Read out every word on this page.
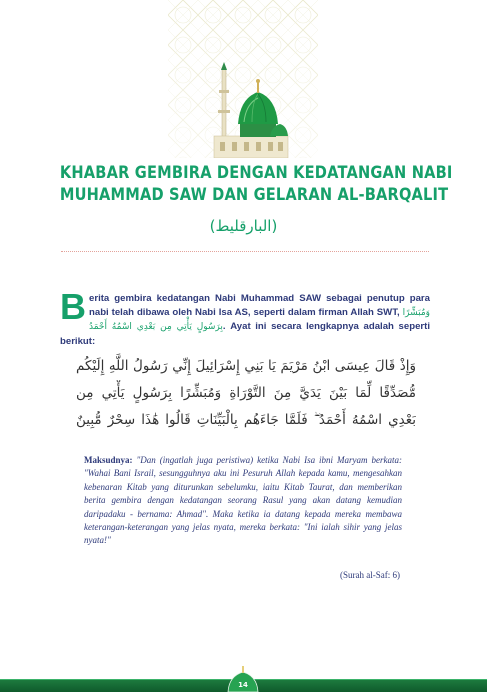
KHABAR GEMBIRA DENGAN KEDATANGAN NABI
MUHAMMAD SAW DAN GELARAN AL-BARQALIT
(البارقليط)
Berita gembira kedatangan Nabi Muhammad SAW sebagai penutup para nabi telah dibawa oleh Nabi Isa AS, seperti dalam firman Allah SWT, وَمُبَشِّرًا بِرَسُولٍ يَأْتِي مِن بَعْدِي اسْمُهُ أَحْمَدُ. Ayat ini secara lengkapnya adalah seperti berikut:
وَإِذْ قَالَ عِيسَى ابْنُ مَرْيَمَ يَا بَنِي إِسْرَائِيلَ إِنِّي رَسُولُ اللَّهِ إِلَيْكُم
مُّصَدِّقًا لِّمَا بَيْنَ يَدَيَّ مِنَ التَّوْرَاةِ وَمُبَشِّرًا بِرَسُولٍ يَأْتِي مِن
بَعْدِي اسْمُهُ أَحْمَدُ ۖ فَلَمَّا جَاءَهُم بِالْبَيِّنَاتِ قَالُوا هَٰذَا سِحْرٌ مُّبِينٌ
Maksudnya: "Dan (ingatlah juga peristiwa) ketika Nabi Isa ibni Maryam berkata: "Wahai Bani Israil, sesungguhnya aku ini Pesuruh Allah kepada kamu, mengesahkan kebenaran Kitab yang diturunkan sebelumku, iaitu Kitab Taurat, dan memberikan berita gembira dengan kedatangan seorang Rasul yang akan datang kemudian daripadaku - bernama: Ahmad". Maka ketika ia datang kepada mereka membawa keterangan-keterangan yang jelas nyata, mereka berkata: "Ini ialah sihir yang jelas nyata!"
(Surah al-Saf: 6)
14
